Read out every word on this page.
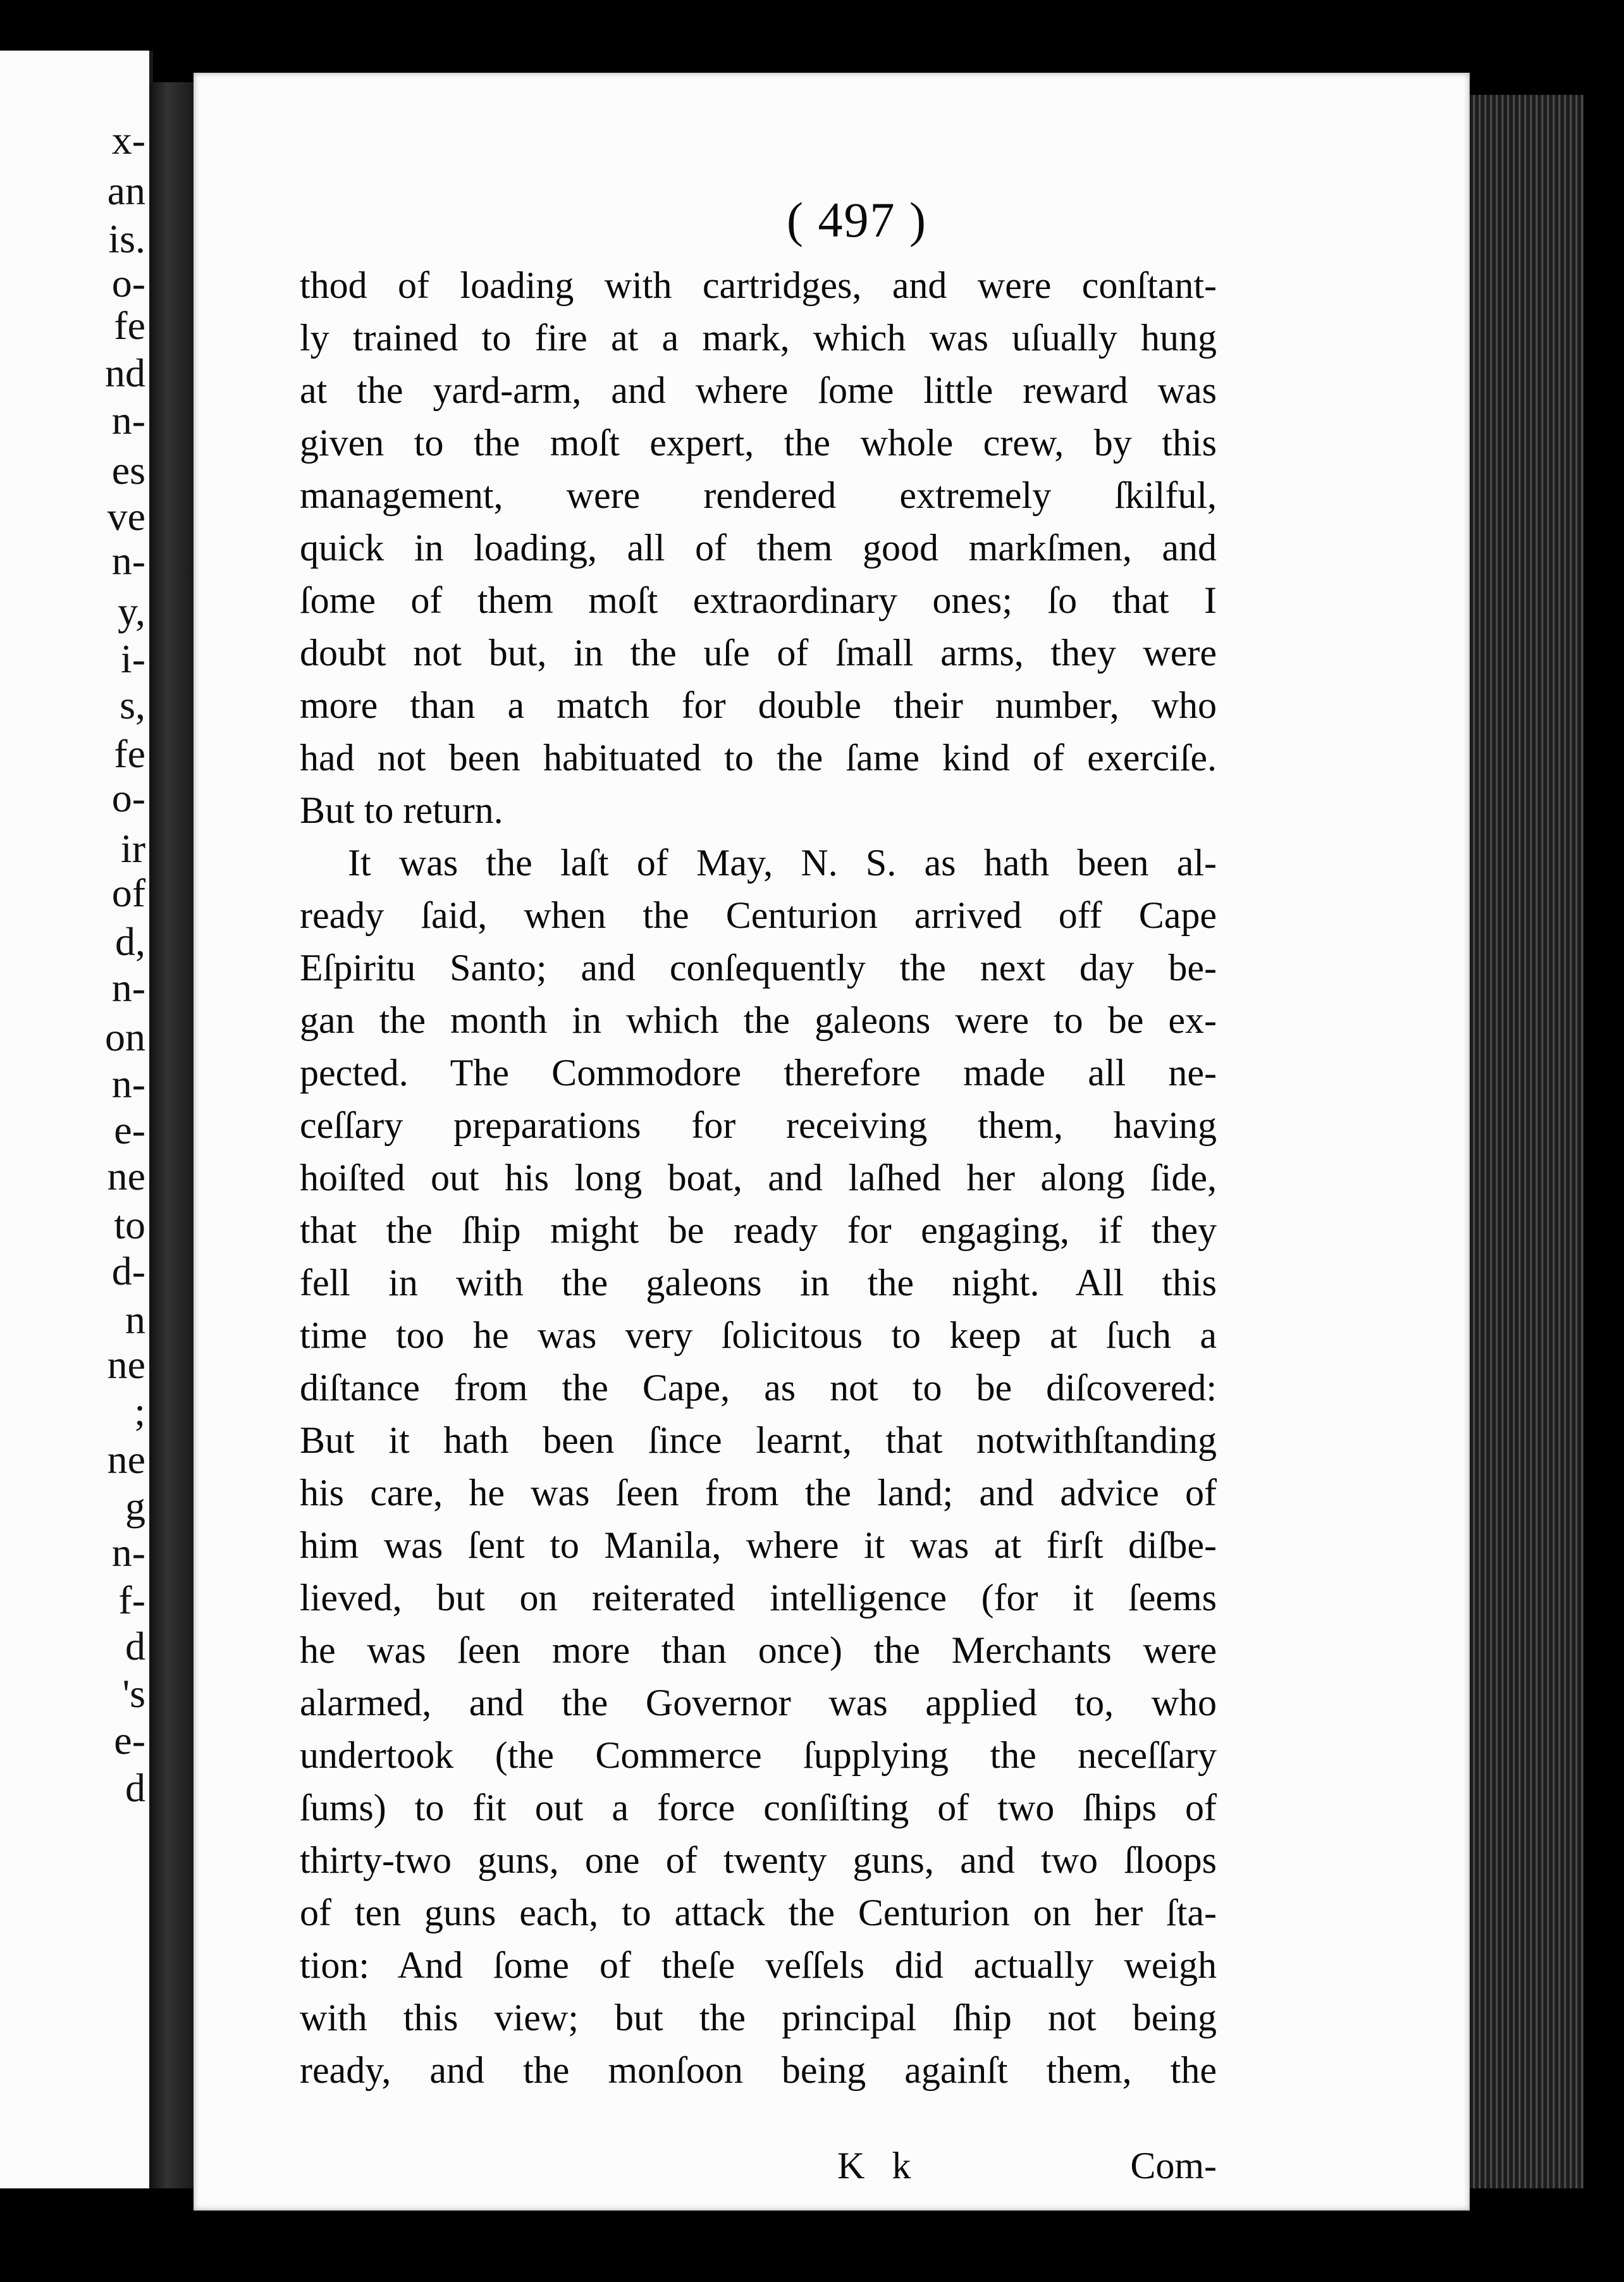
x-
an
is.
o-
fe
nd
n-
es
ve
n-
y,
i-
s,
fe
o-
ir
of
d,
n-
on
n-
e-
ne
to
d-
n
ne
;
ne
g
n-
f-
d
's
e-
d
( 497 )
thod of loading with cartridges, and were conſtant-
ly trained to fire at a mark, which was uſually hung
at the yard-arm, and where ſome little reward was
given to the moſt expert, the whole crew, by this
management, were rendered extremely ſkilful,
quick in loading, all of them good markſmen, and
ſome of them moſt extraordinary ones; ſo that I
doubt not but, in the uſe of ſmall arms, they were
more than a match for double their number, who
had not been habituated to the ſame kind of exerciſe.
But to return.
It was the laſt of May, N. S. as hath been al-
ready ſaid, when the Centurion arrived off Cape
Eſpiritu Santo; and conſequently the next day be-
gan the month in which the galeons were to be ex-
pected. The Commodore therefore made all ne-
ceſſary preparations for receiving them, having
hoiſted out his long boat, and laſhed her along ſide,
that the ſhip might be ready for engaging, if they
fell in with the galeons in the night. All this
time too he was very ſolicitous to keep at ſuch a
diſtance from the Cape, as not to be diſcovered:
But it hath been ſince learnt, that notwithſtanding
his care, he was ſeen from the land; and advice of
him was ſent to Manila, where it was at firſt diſbe-
lieved, but on reiterated intelligence (for it ſeems
he was ſeen more than once) the Merchants were
alarmed, and the Governor was applied to, who
undertook (the Commerce ſupplying the neceſſary
ſums) to fit out a force conſiſting of two ſhips of
thirty-two guns, one of twenty guns, and two ſloops
of ten guns each, to attack the Centurion on her ſta-
tion: And ſome of theſe veſſels did actually weigh
with this view; but the principal ſhip not being
ready, and the monſoon being againſt them, the
K k	Com-
